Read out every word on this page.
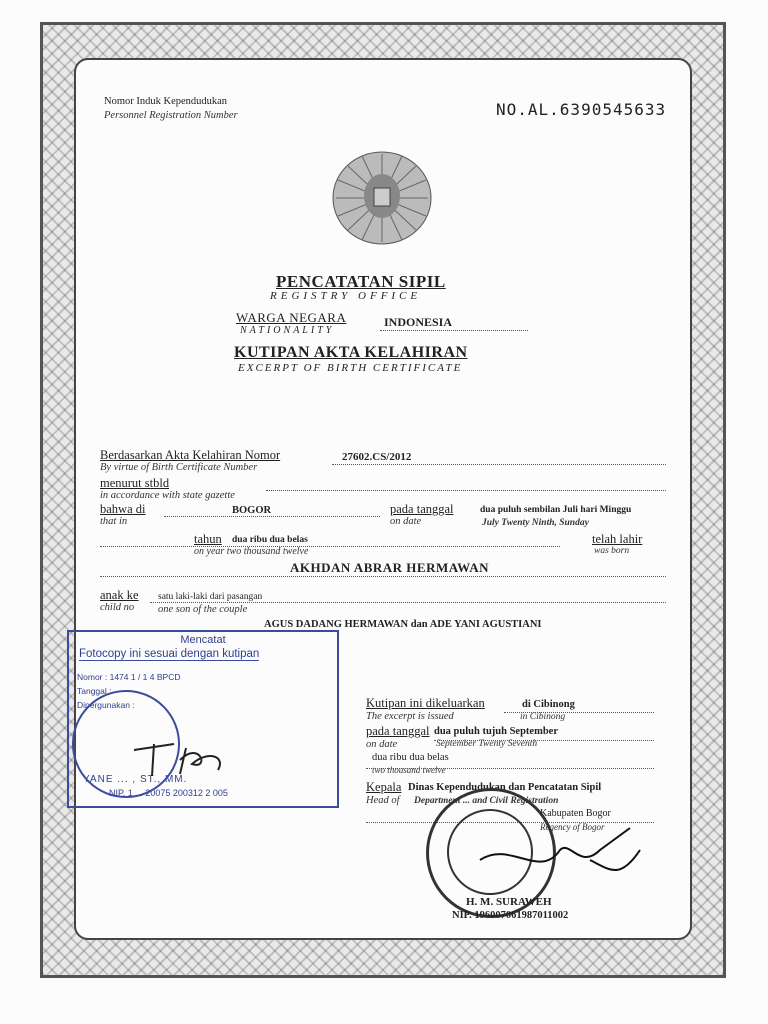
Nomor Induk Kependudukan
Personnel Registration Number	NO.AL.6390545633
PENCATATAN SIPIL
REGISTRY OFFICE
WARGA NEGARA
NATIONALITY
INDONESIA
KUTIPAN AKTA KELAHIRAN
EXCERPT OF BIRTH CERTIFICATE
Berdasarkan Akta Kelahiran Nomor
By virtue of Birth Certificate Number
27602.CS/2012
menurut stbld
in accordance with state gazette
bahwa di
that in
BOGOR	pada tanggal
on date
dua puluh sembilan Juli hari Minggu
July Twenty Ninth, Sunday
tahun dua ribu dua belas
on year two thousand twelve
telah lahir
was born
AKHDAN ABRAR HERMAWAN
anak ke
child no
satu laki-laki dari pasangan
one son of the couple
AGUS DADANG HERMAWAN dan ADE YANI AGUSTIANI
Mencatat
Fotocopy ini sesuai dengan kutipan
Nomor : 1474 1 / 1 4 BPCD
Tanggal :
Dipergunakan :
YANE ... , ST., MM.
NIP. 1 ... 20075 200312 2 005
Kutipan ini dikeluarkan	di Cibinong
The excerpt is issued	in Cibinong
pada tanggal dua puluh tujuh September
on date	September Twenty Seventh
dua ribu dua belas
two thousand twelve
Kepala Dinas Kependudukan dan Pencatatan Sipil
Head of Department ... and Civil Registration
Kabupaten Bogor
Regency of Bogor
H. M. SURAWEH
NIP. 196007061987011002
